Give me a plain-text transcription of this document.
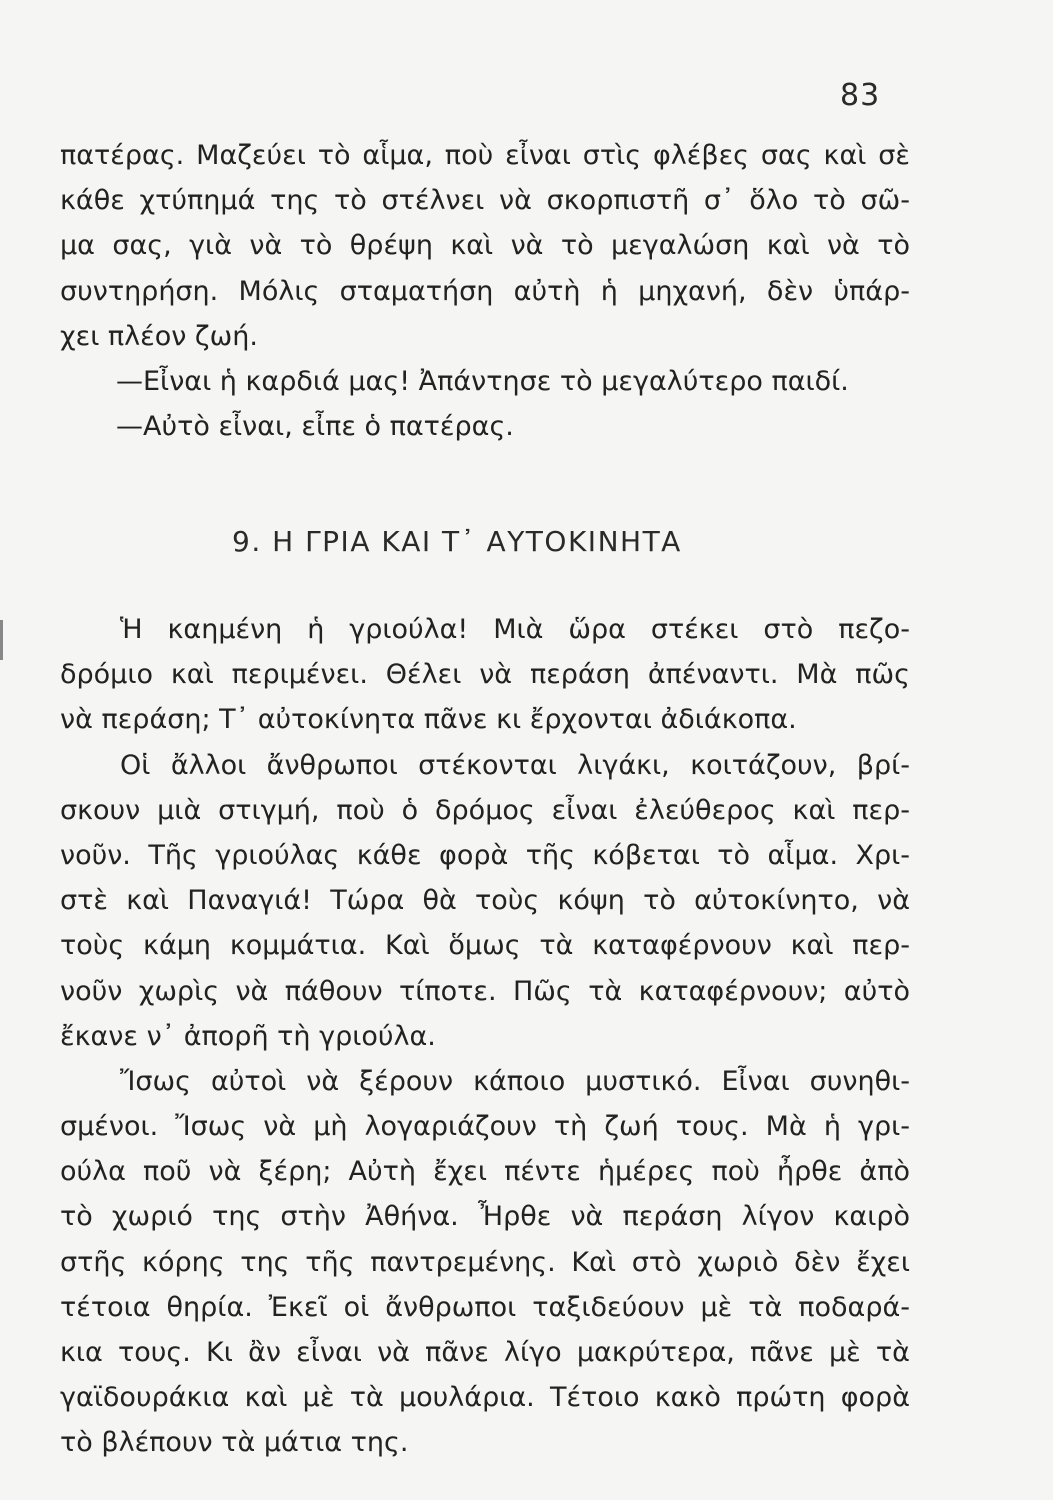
83
πατέρας. Μαζεύει τὸ αἷμα, ποὺ εἶναι στὶς φλέβες σας καὶ σὲ
κάθε χτύπημά της τὸ στέλνει νὰ σκορπιστῆ σ᾽ ὅλο τὸ σῶ-
μα σας, γιὰ νὰ τὸ θρέψη καὶ νὰ τὸ μεγαλώση καὶ νὰ τὸ
συντηρήση. Μόλις σταματήση αὐτὴ ἡ μηχανή, δὲν ὑπάρ-
χει πλέον ζωή.
—Εἶναι ἡ καρδιά μας! Ἀπάντησε τὸ μεγαλύτερο παιδί.
—Αὐτὸ εἶναι, εἶπε ὁ πατέρας.
9. Η ΓΡΙΑ ΚΑΙ Τ᾽ ΑΥΤΟΚΙΝΗΤΑ
Ἡ καημένη ἡ γριούλα! Μιὰ ὥρα στέκει στὸ πεζο-
δρόμιο καὶ περιμένει. Θέλει νὰ περάση ἀπέναντι. Μὰ πῶς
νὰ περάση; Τ᾽ αὐτοκίνητα πᾶνε κι ἔρχονται ἀδιάκοπα.
Οἱ ἄλλοι ἄνθρωποι στέκονται λιγάκι, κοιτάζουν, βρί-
σκουν μιὰ στιγμή, ποὺ ὁ δρόμος εἶναι ἐλεύθερος καὶ περ-
νοῦν. Τῆς γριούλας κάθε φορὰ τῆς κόβεται τὸ αἷμα. Χρι-
στὲ καὶ Παναγιά! Τώρα θὰ τοὺς κόψη τὸ αὐτοκίνητο, νὰ
τοὺς κάμη κομμάτια. Καὶ ὅμως τὰ καταφέρνουν καὶ περ-
νοῦν χωρὶς νὰ πάθουν τίποτε. Πῶς τὰ καταφέρνουν; αὐτὸ
ἔκανε ν᾽ ἀπορῆ τὴ γριούλα.
Ἴσως αὐτοὶ νὰ ξέρουν κάποιο μυστικό. Εἶναι συνηθι-
σμένοι. Ἴσως νὰ μὴ λογαριάζουν τὴ ζωή τους. Μὰ ἡ γρι-
ούλα ποῦ νὰ ξέρη; Αὐτὴ ἔχει πέντε ἡμέρες ποὺ ἦρθε ἀπὸ
τὸ χωριό της στὴν Ἀθήνα. Ἦρθε νὰ περάση λίγον καιρὸ
στῆς κόρης της τῆς παντρεμένης. Καὶ στὸ χωριὸ δὲν ἔχει
τέτοια θηρία. Ἐκεῖ οἱ ἄνθρωποι ταξιδεύουν μὲ τὰ ποδαρά-
κια τους. Κι ἂν εἶναι νὰ πᾶνε λίγο μακρύτερα, πᾶνε μὲ τὰ
γαϊδουράκια καὶ μὲ τὰ μουλάρια. Τέτοιο κακὸ πρώτη φορὰ
τὸ βλέπουν τὰ μάτια της.
